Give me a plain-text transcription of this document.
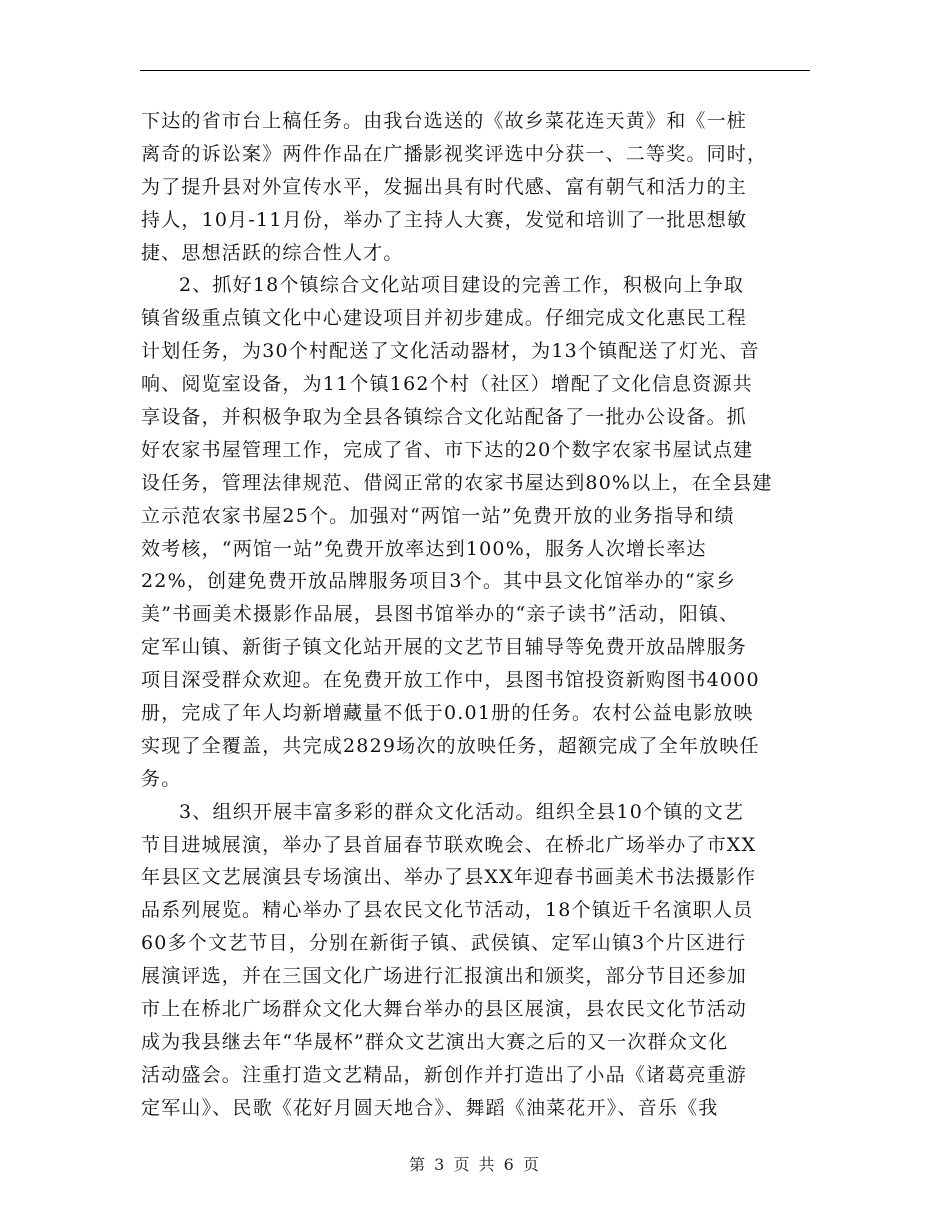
下达的省市台上稿任务。由我台选送的《故乡菜花连天黄》和《一桩
离奇的诉讼案》两件作品在广播影视奖评选中分获一、二等奖。同时，
为了提升县对外宣传水平，发掘出具有时代感、富有朝气和活力的主
持人，10月-11月份，举办了主持人大赛，发觉和培训了一批思想敏
捷、思想活跃的综合性人才。
2、抓好18个镇综合文化站项目建设的完善工作，积极向上争取
镇省级重点镇文化中心建设项目并初步建成。仔细完成文化惠民工程
计划任务，为30个村配送了文化活动器材，为13个镇配送了灯光、音
响、阅览室设备，为11个镇162个村（社区）增配了文化信息资源共
享设备，并积极争取为全县各镇综合文化站配备了一批办公设备。抓
好农家书屋管理工作，完成了省、市下达的20个数字农家书屋试点建
设任务，管理法律规范、借阅正常的农家书屋达到80%以上，在全县建
立示范农家书屋25个。加强对“两馆一站”免费开放的业务指导和绩
效考核，“两馆一站”免费开放率达到100%，服务人次增长率达
22%，创建免费开放品牌服务项目3个。其中县文化馆举办的“家乡
美”书画美术摄影作品展，县图书馆举办的“亲子读书”活动，阳镇、
定军山镇、新街子镇文化站开展的文艺节目辅导等免费开放品牌服务
项目深受群众欢迎。在免费开放工作中，县图书馆投资新购图书4000
册，完成了年人均新增藏量不低于0.01册的任务。农村公益电影放映
实现了全覆盖，共完成2829场次的放映任务，超额完成了全年放映任
务。
3、组织开展丰富多彩的群众文化活动。组织全县10个镇的文艺
节目进城展演，举办了县首届春节联欢晚会、在桥北广场举办了市XX
年县区文艺展演县专场演出、举办了县XX年迎春书画美术书法摄影作
品系列展览。精心举办了县农民文化节活动，18个镇近千名演职人员
60多个文艺节目，分别在新街子镇、武侯镇、定军山镇3个片区进行
展演评选，并在三国文化广场进行汇报演出和颁奖，部分节目还参加
市上在桥北广场群众文化大舞台举办的县区展演，县农民文化节活动
成为我县继去年“华晟杯”群众文艺演出大赛之后的又一次群众文化
活动盛会。注重打造文艺精品，新创作并打造出了小品《诸葛亮重游
定军山》、民歌《花好月圆天地合》、舞蹈《油菜花开》、音乐《我
第 3 页 共 6 页
